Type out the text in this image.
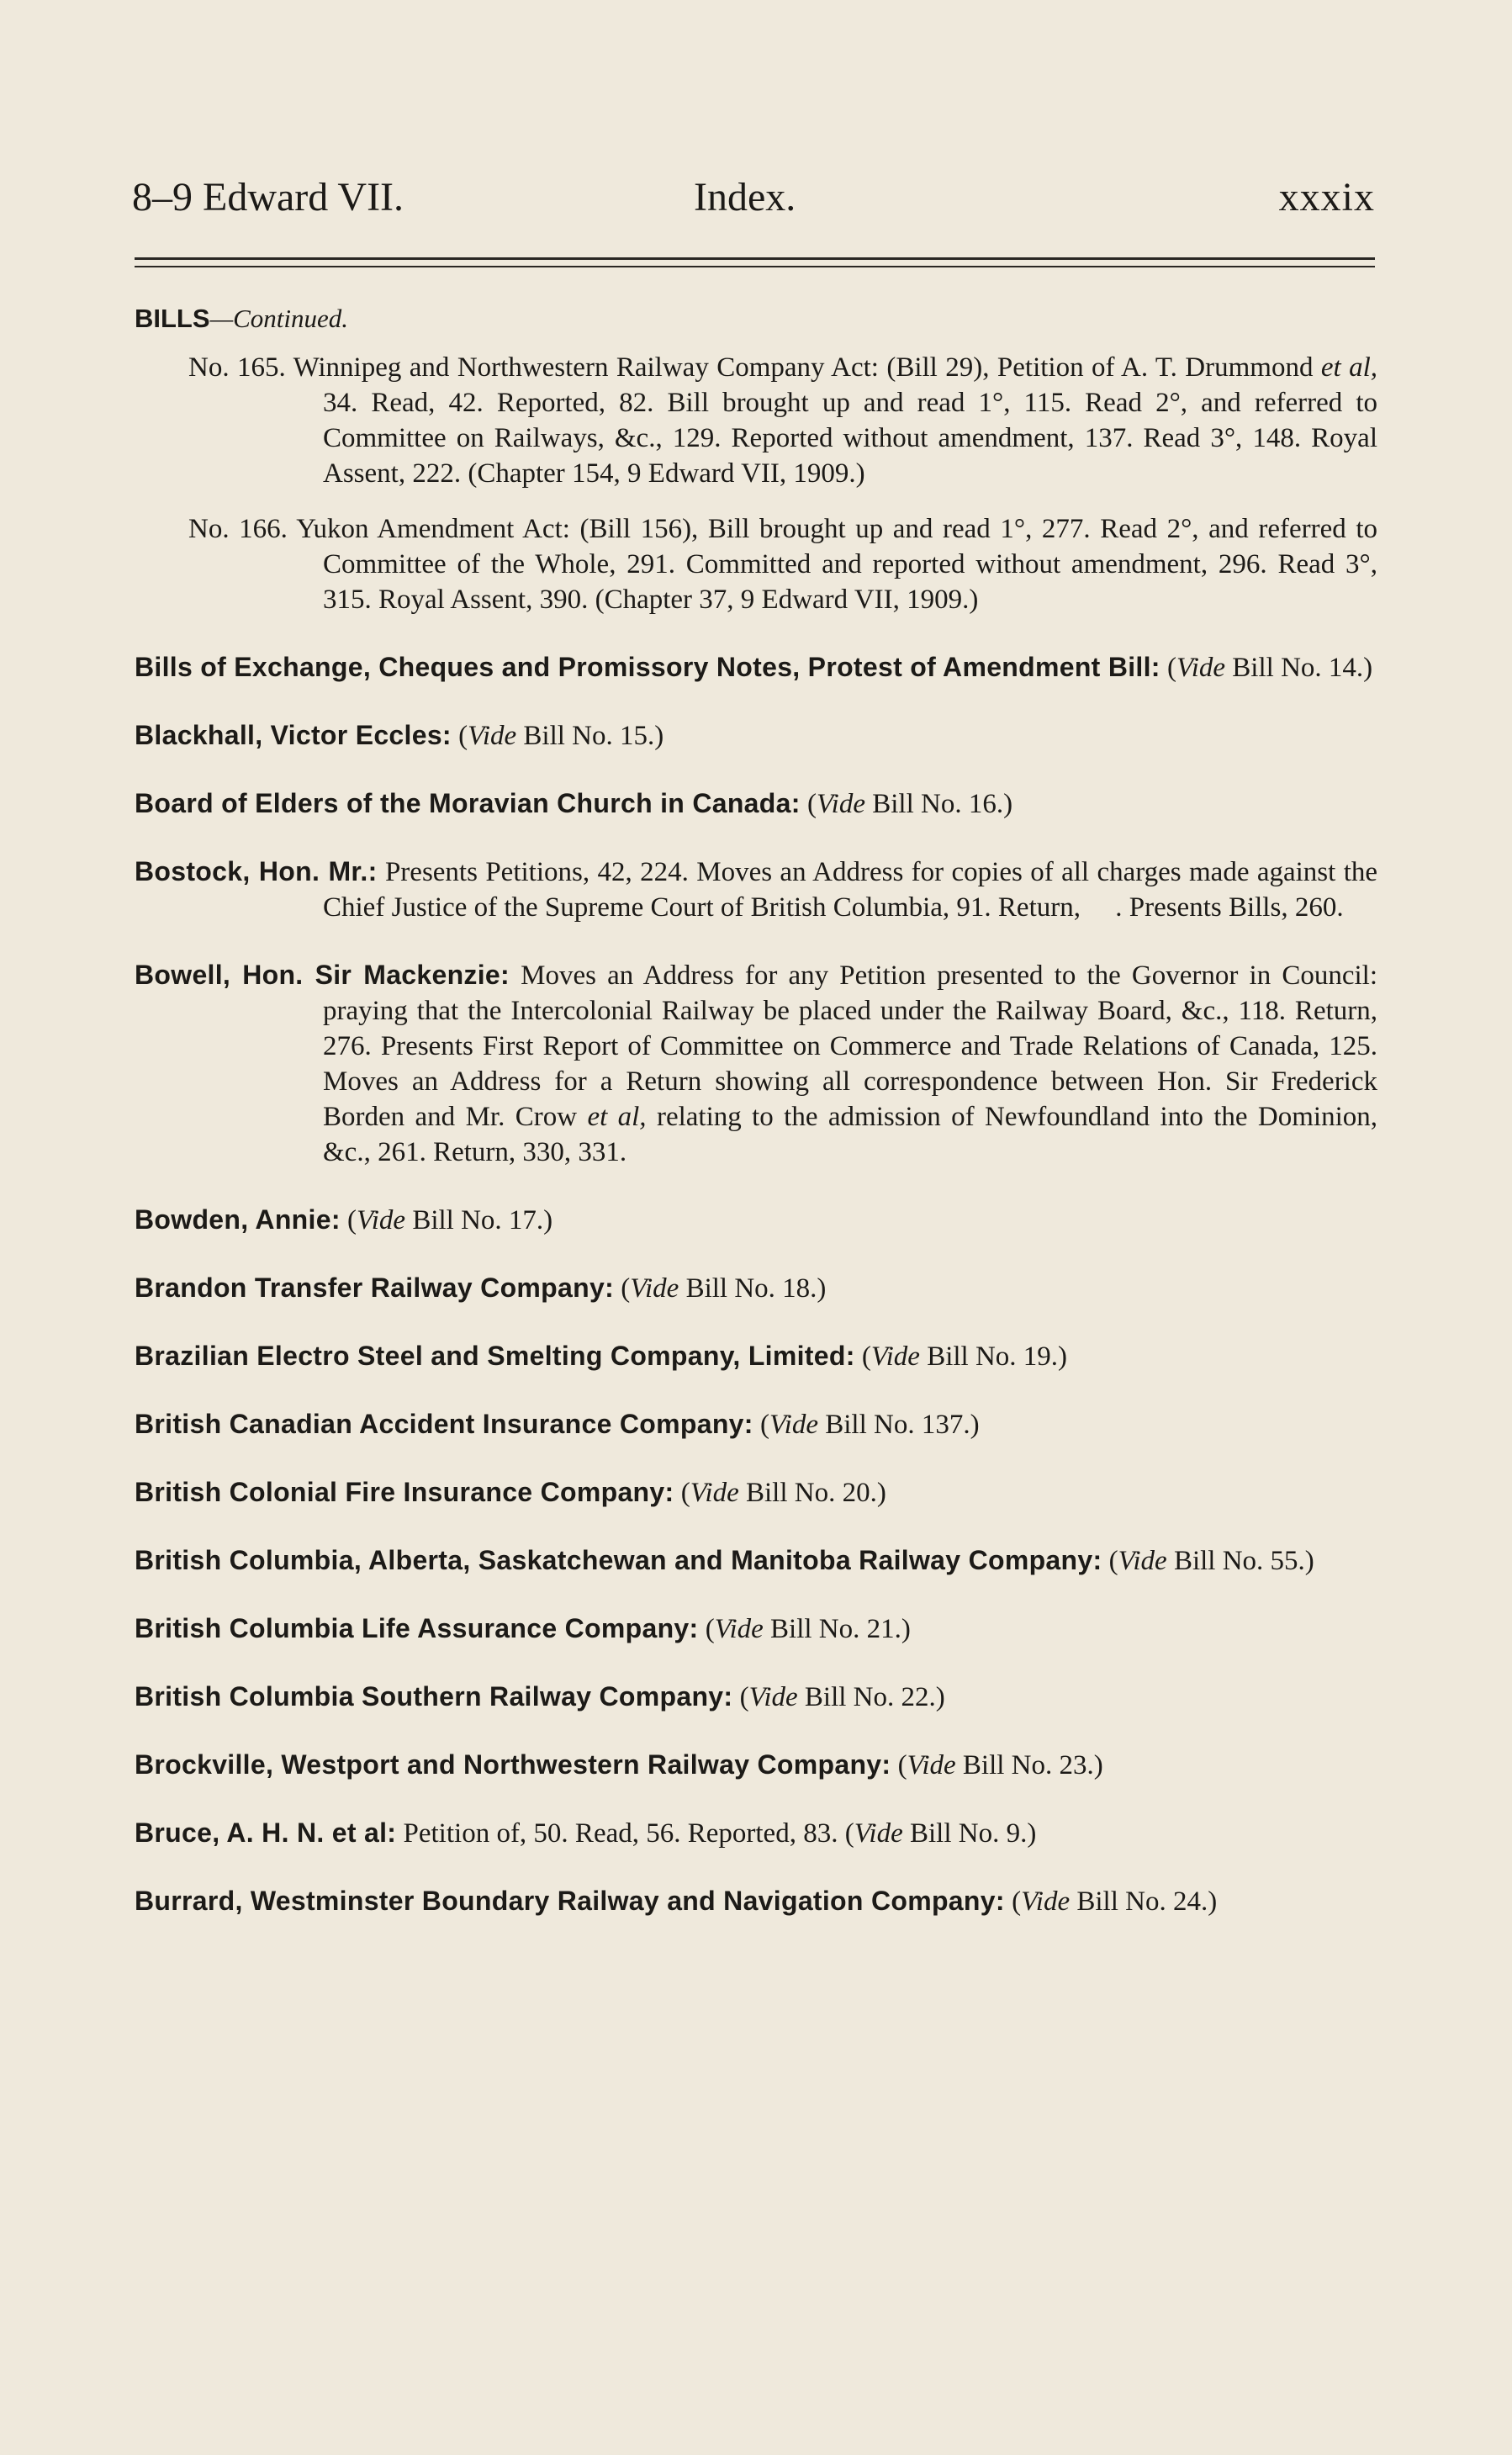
8–9 Edward VII.	Index.	xxxix
BILLS—Continued.
No. 165. Winnipeg and Northwestern Railway Company Act: (Bill 29), Petition of A. T. Drummond et al, 34. Read, 42. Reported, 82. Bill brought up and read 1°, 115. Read 2°, and referred to Committee on Railways, &c., 129. Reported without amendment, 137. Read 3°, 148. Royal Assent, 222. (Chapter 154, 9 Edward VII, 1909.)
No. 166. Yukon Amendment Act: (Bill 156), Bill brought up and read 1°, 277. Read 2°, and referred to Committee of the Whole, 291. Committed and reported without amendment, 296. Read 3°, 315. Royal Assent, 390. (Chapter 37, 9 Edward VII, 1909.)
Bills of Exchange, Cheques and Promissory Notes, Protest of Amendment Bill: (Vide Bill No. 14.)
Blackhall, Victor Eccles: (Vide Bill No. 15.)
Board of Elders of the Moravian Church in Canada: (Vide Bill No. 16.)
Bostock, Hon. Mr.: Presents Petitions, 42, 224. Moves an Address for copies of all charges made against the Chief Justice of the Supreme Court of British Columbia, 91. Return,     . Presents Bills, 260.
Bowell, Hon. Sir Mackenzie: Moves an Address for any Petition presented to the Governor in Council: praying that the Intercolonial Railway be placed under the Railway Board, &c., 118. Return, 276. Presents First Report of Committee on Commerce and Trade Relations of Canada, 125. Moves an Address for a Return showing all correspondence between Hon. Sir Frederick Borden and Mr. Crow et al, relating to the admission of Newfoundland into the Dominion, &c., 261. Return, 330, 331.
Bowden, Annie: (Vide Bill No. 17.)
Brandon Transfer Railway Company: (Vide Bill No. 18.)
Brazilian Electro Steel and Smelting Company, Limited: (Vide Bill No. 19.)
British Canadian Accident Insurance Company: (Vide Bill No. 137.)
British Colonial Fire Insurance Company: (Vide Bill No. 20.)
British Columbia, Alberta, Saskatchewan and Manitoba Railway Company: (Vide Bill No. 55.)
British Columbia Life Assurance Company: (Vide Bill No. 21.)
British Columbia Southern Railway Company: (Vide Bill No. 22.)
Brockville, Westport and Northwestern Railway Company: (Vide Bill No. 23.)
Bruce, A. H. N. et al: Petition of, 50. Read, 56. Reported, 83. (Vide Bill No. 9.)
Burrard, Westminster Boundary Railway and Navigation Company: (Vide Bill No. 24.)
